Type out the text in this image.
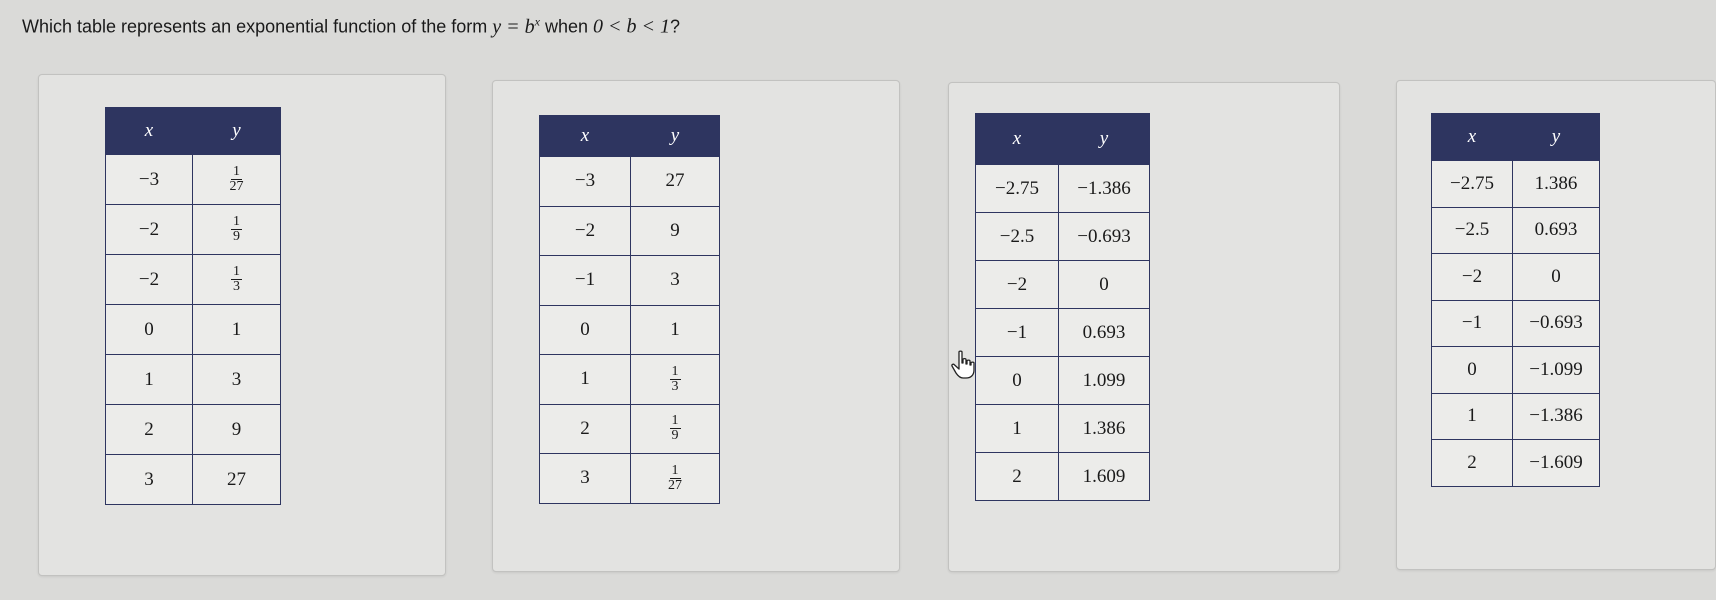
Which table represents an exponential function of the form $y = b^x$ when 0 < b < 1?
x	y
−3	$\frac{1}{27}$

−2	$\frac{1}{9}$

−2	$\frac{1}{3}$

0	1
1	3
2	9
3	27
x	y
−3	27
−2	9
−1	3
0	1
1	$\frac{1}{3}$

2	$\frac{1}{9}$

3	$\frac{1}{27}$
x	y
−2.75	−1.386
−2.5	−0.693
−2	0
−1	0.693
0	1.099
1	1.386
2	1.609
x	y
−2.75	1.386
−2.5	0.693
−2	0
−1	−0.693
0	−1.099
1	−1.386
2	−1.609
